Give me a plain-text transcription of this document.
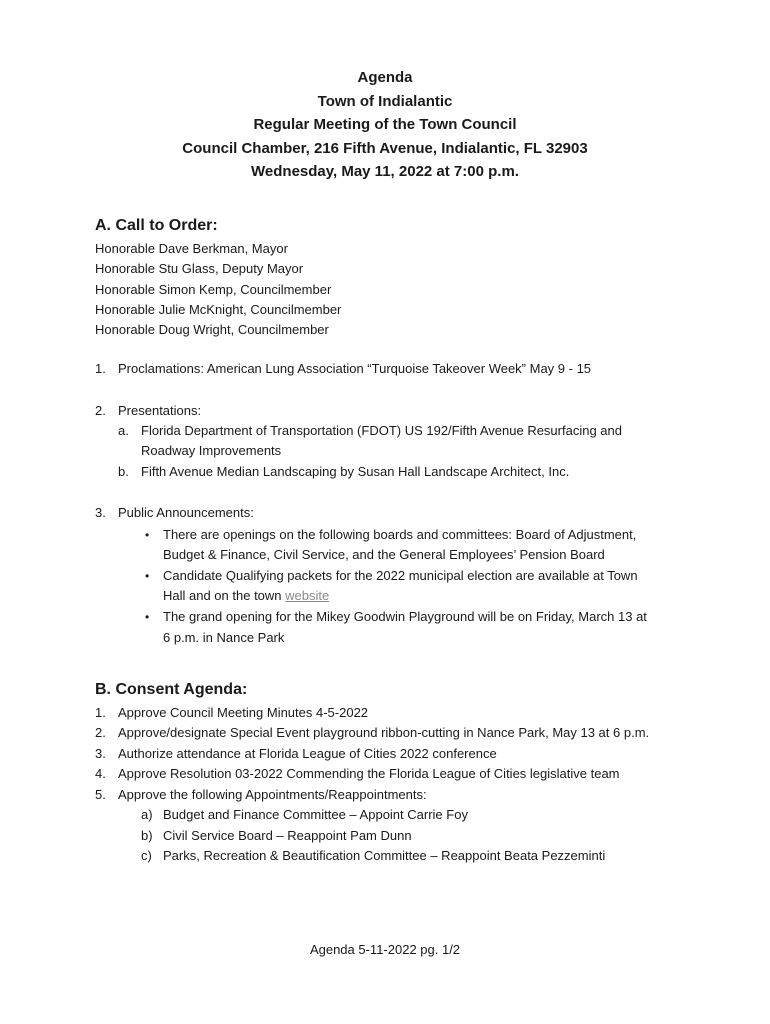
Agenda
Town of Indialantic
Regular Meeting of the Town Council
Council Chamber, 216 Fifth Avenue, Indialantic, FL 32903
Wednesday, May 11, 2022 at 7:00 p.m.
A. Call to Order:
Honorable Dave Berkman, Mayor
Honorable Stu Glass, Deputy Mayor
Honorable Simon Kemp, Councilmember
Honorable Julie McKnight, Councilmember
Honorable Doug Wright, Councilmember
1. Proclamations: American Lung Association “Turquoise Takeover Week” May 9 - 15
2. Presentations:
a. Florida Department of Transportation (FDOT) US 192/Fifth Avenue Resurfacing and
Roadway Improvements
b. Fifth Avenue Median Landscaping by Susan Hall Landscape Architect, Inc.
3. Public Announcements:
• There are openings on the following boards and committees: Board of Adjustment,
Budget & Finance, Civil Service, and the General Employees’ Pension Board
• Candidate Qualifying packets for the 2022 municipal election are available at Town
Hall and on the town website
• The grand opening for the Mikey Goodwin Playground will be on Friday, March 13 at
6 p.m. in Nance Park
B. Consent Agenda:
1. Approve Council Meeting Minutes 4-5-2022
2. Approve/designate Special Event playground ribbon-cutting in Nance Park, May 13 at 6 p.m.
3. Authorize attendance at Florida League of Cities 2022 conference
4. Approve Resolution 03-2022 Commending the Florida League of Cities legislative team
5. Approve the following Appointments/Reappointments:
a) Budget and Finance Committee – Appoint Carrie Foy
b) Civil Service Board – Reappoint Pam Dunn
c) Parks, Recreation & Beautification Committee – Reappoint Beata Pezzeminti
Agenda 5-11-2022 pg. 1/2
